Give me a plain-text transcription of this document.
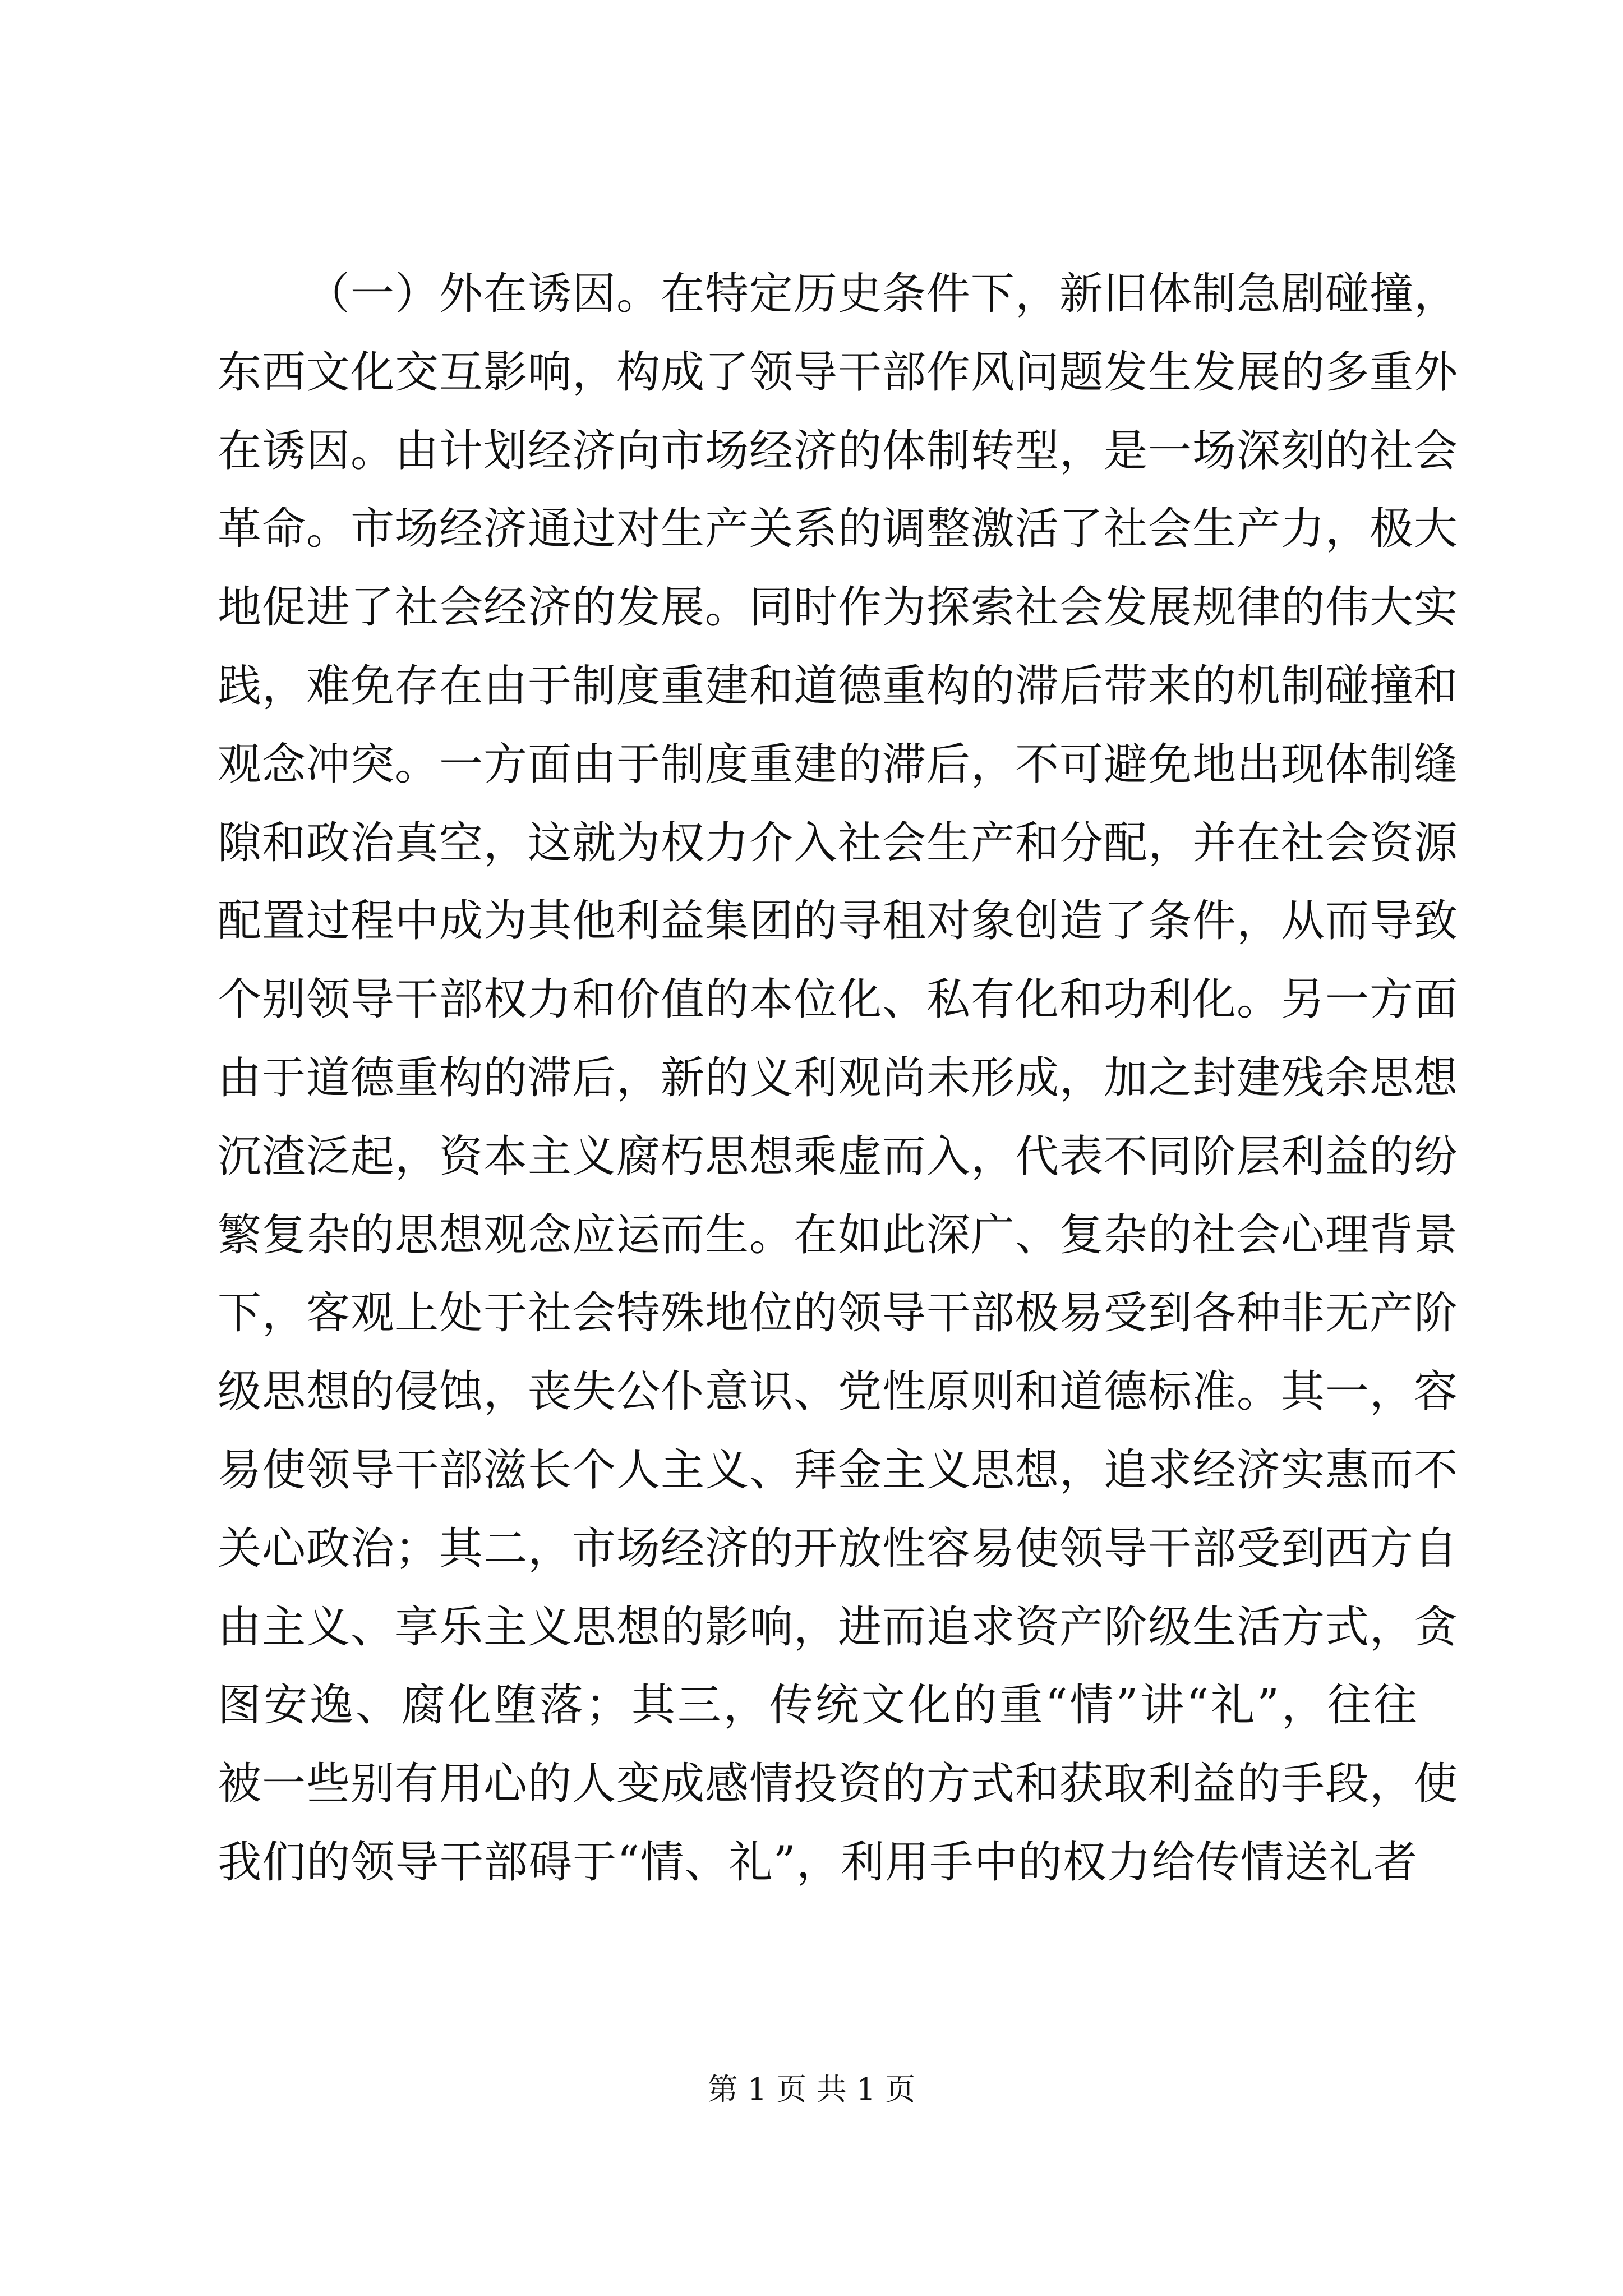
（一）外在诱因。在特定历史条件下，新旧体制急剧碰撞，
东西文化交互影响，构成了领导干部作风问题发生发展的多重外
在诱因。由计划经济向市场经济的体制转型，是一场深刻的社会
革命。市场经济通过对生产关系的调整激活了社会生产力，极大
地促进了社会经济的发展。同时作为探索社会发展规律的伟大实
践，难免存在由于制度重建和道德重构的滞后带来的机制碰撞和
观念冲突。一方面由于制度重建的滞后，不可避免地出现体制缝
隙和政治真空，这就为权力介入社会生产和分配，并在社会资源
配置过程中成为其他利益集团的寻租对象创造了条件，从而导致
个别领导干部权力和价值的本位化、私有化和功利化。另一方面
由于道德重构的滞后，新的义利观尚未形成，加之封建残余思想
沉渣泛起，资本主义腐朽思想乘虚而入，代表不同阶层利益的纷
繁复杂的思想观念应运而生。在如此深广、复杂的社会心理背景
下，客观上处于社会特殊地位的领导干部极易受到各种非无产阶
级思想的侵蚀，丧失公仆意识、党性原则和道德标准。其一，容
易使领导干部滋长个人主义、拜金主义思想，追求经济实惠而不
关心政治；其二，市场经济的开放性容易使领导干部受到西方自
由主义、享乐主义思想的影响，进而追求资产阶级生活方式，贪
图安逸、腐化堕落；其三，传统文化的重“情”讲“礼”，往往
被一些别有用心的人变成感情投资的方式和获取利益的手段，使
我们的领导干部碍于“情、礼”，利用手中的权力给传情送礼者
第 1 页 共 1 页
